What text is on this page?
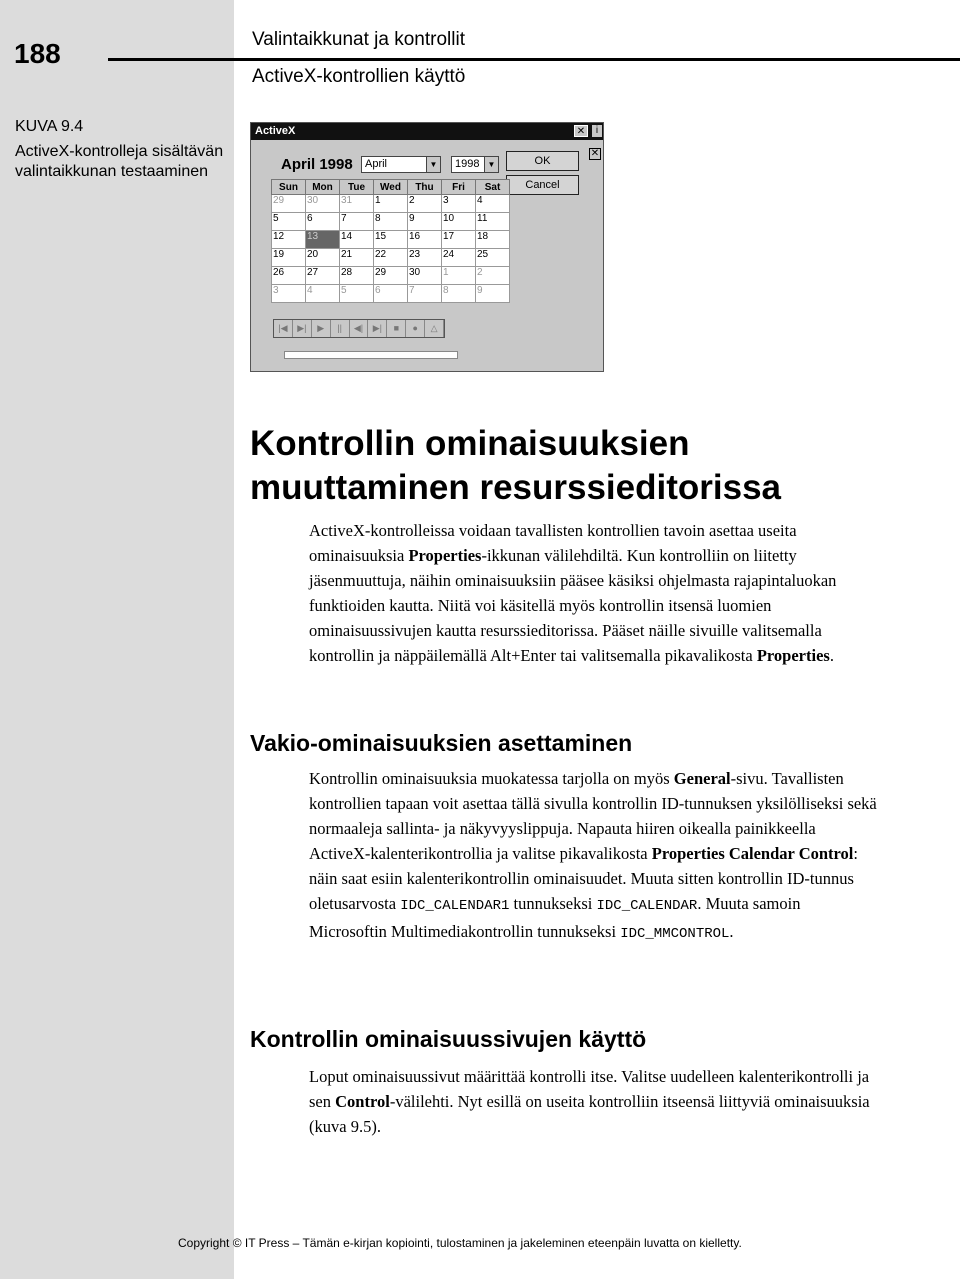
188	Valintaikkunat ja kontrollit
ActiveX-kontrollien käyttö
KUVA 9.4
ActiveX-kontrolleja sisältävän valintaikkunan testaaminen
ActiveX	✕	i
✕
April 1998	April	▼	1998	▼	OK
Cancel
Sun	Mon	Tue	Wed	Thu	Fri	Sat
29	30	31	1	2	3	4
5	6	7	8	9	10	11
12	13	14	15	16	17	18
19	20	21	22	23	24	25
26	27	28	29	30	1	2
3	4	5	6	7	8	9
|◀	▶|	▶	||	◀|	▶|	■	●	△
Kontrollin ominaisuuksien
muuttaminen resurssieditorissa
ActiveX-kontrolleissa voidaan tavallisten kontrollien tavoin asettaa useita ominaisuuksia Properties-ikkunan välilehdiltä. Kun kontrolliin on liitetty jäsenmuuttuja, näihin ominaisuuksiin pääsee käsiksi ohjelmasta rajapintaluokan funktioiden kautta. Niitä voi käsitellä myös kontrollin itsensä luomien ominaisuussivujen kautta resurssieditorissa. Pääset näille sivuille valitsemalla kontrollin ja näppäilemällä Alt+Enter tai valitsemalla pikavalikosta Properties.
Vakio-ominaisuuksien asettaminen
Kontrollin ominaisuuksia muokatessa tarjolla on myös General-sivu. Tavallisten kontrollien tapaan voit asettaa tällä sivulla kontrollin ID-tunnuksen yksilölliseksi sekä normaaleja sallinta- ja näkyvyyslippuja. Napauta hiiren oikealla painikkeella ActiveX-kalenterikontrollia ja valitse pikavalikosta Properties Calendar Control: näin saat esiin kalenterikontrollin ominaisuudet. Muuta sitten kontrollin ID-tunnus oletusarvosta IDC_CALENDAR1 tunnukseksi IDC_CALENDAR. Muuta samoin Microsoftin Multimediakontrollin tunnukseksi IDC_MMCONTROL.
Kontrollin ominaisuussivujen käyttö
Loput ominaisuussivut määrittää kontrolli itse. Valitse uudelleen kalenterikontrolli ja sen Control-välilehti. Nyt esillä on useita kontrolliin itseensä liittyviä ominaisuuksia (kuva 9.5).
Copyright © IT Press – Tämän e-kirjan kopiointi, tulostaminen ja jakeleminen eteenpäin luvatta on kielletty.
